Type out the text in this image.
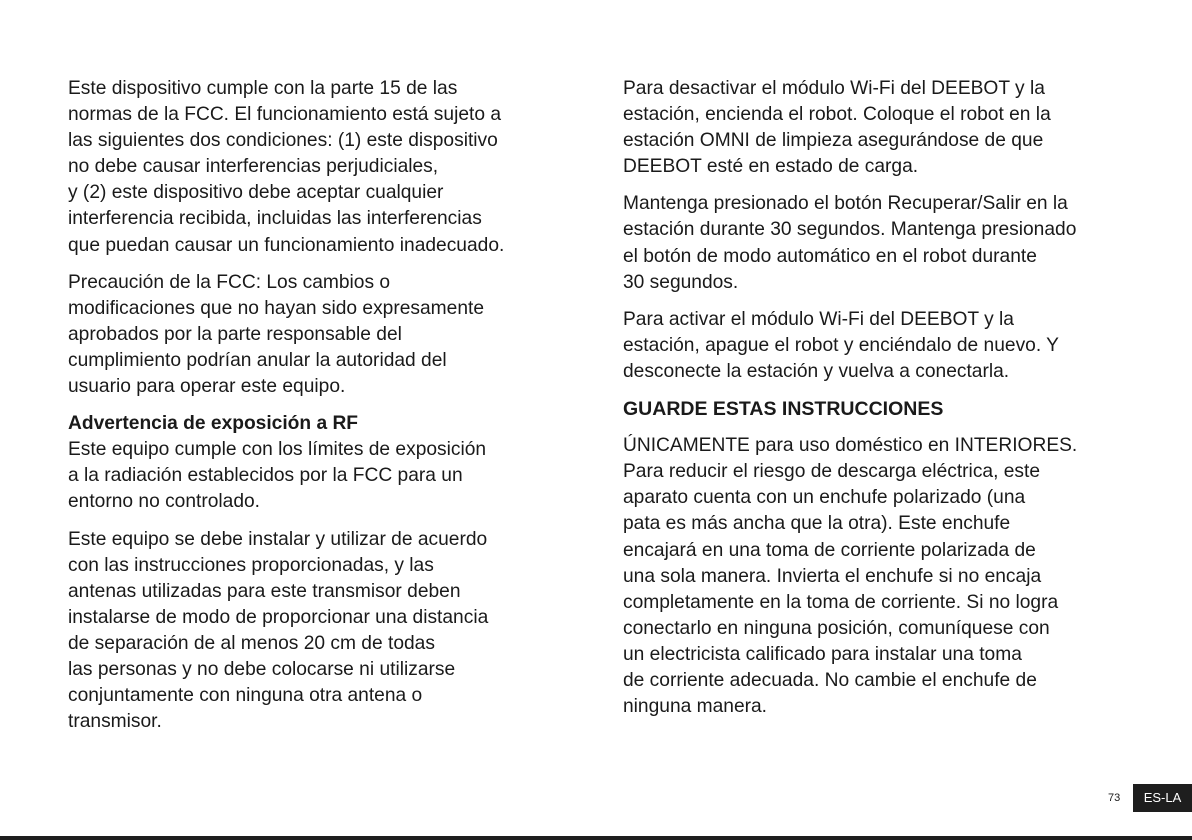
Este dispositivo cumple con la parte 15 de las
normas de la FCC. El funcionamiento está sujeto a
las siguientes dos condiciones: (1) este dispositivo
no debe causar interferencias perjudiciales,
y (2) este dispositivo debe aceptar cualquier
interferencia recibida, incluidas las interferencias
que puedan causar un funcionamiento inadecuado.

Precaución de la FCC: Los cambios o
modificaciones que no hayan sido expresamente
aprobados por la parte responsable del
cumplimiento podrían anular la autoridad del
usuario para operar este equipo.

Advertencia de exposición a RF

Este equipo cumple con los límites de exposición
a la radiación establecidos por la FCC para un
entorno no controlado.

Este equipo se debe instalar y utilizar de acuerdo
con las instrucciones proporcionadas, y las
antenas utilizadas para este transmisor deben
instalarse de modo de proporcionar una distancia
de separación de al menos 20 cm de todas
las personas y no debe colocarse ni utilizarse
conjuntamente con ninguna otra antena o
transmisor.

Para desactivar el módulo Wi-Fi del DEEBOT y la
estación, encienda el robot. Coloque el robot en la
estación OMNI de limpieza asegurándose de que
DEEBOT esté en estado de carga.

Mantenga presionado el botón Recuperar/Salir en la
estación durante 30 segundos. Mantenga presionado
el botón de modo automático en el robot durante
30 segundos.

Para activar el módulo Wi-Fi del DEEBOT y la
estación, apague el robot y enciéndalo de nuevo. Y
desconecte la estación y vuelva a conectarla.

GUARDE ESTAS INSTRUCCIONES

ÚNICAMENTE para uso doméstico en INTERIORES.
Para reducir el riesgo de descarga eléctrica, este
aparato cuenta con un enchufe polarizado (una
pata es más ancha que la otra). Este enchufe
encajará en una toma de corriente polarizada de
una sola manera. Invierta el enchufe si no encaja
completamente en la toma de corriente. Si no logra
conectarlo en ninguna posición, comuníquese con
un electricista calificado para instalar una toma
de corriente adecuada. No cambie el enchufe de
ninguna manera.

73	ES-LA
